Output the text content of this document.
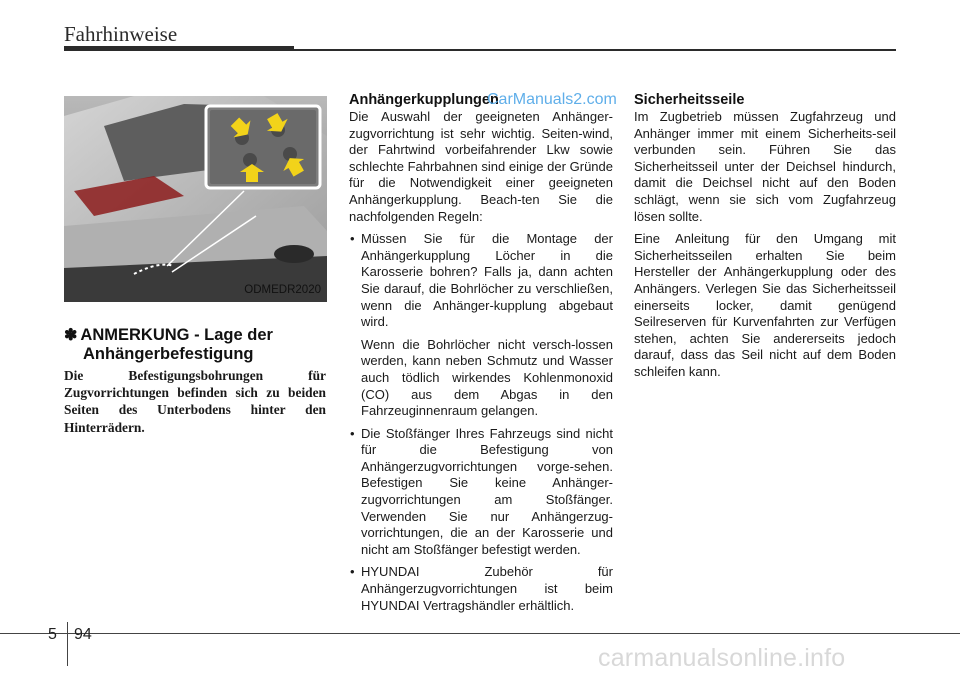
Fahrhinweise
ODMEDR2020
✽ ANMERKUNG - Lage der
Anhängerbefestigung
Die Befestigungsbohrungen für Zugvorrichtungen befinden sich zu beiden Seiten des Unterbodens hinter den Hinterrädern.
Anhängerkupplungen

Die Auswahl der geeigneten Anhänger-zugvorrichtung ist sehr wichtig. Seiten-wind, der Fahrtwind vorbeifahrender Lkw sowie schlechte Fahrbahnen sind einige der Gründe für die Notwendigkeit einer geeigneten Anhängerkupplung. Beach-ten Sie die nachfolgenden Regeln:

• Müssen Sie für die Montage der Anhängerkupplung Löcher in die Karosserie bohren? Falls ja, dann achten Sie darauf, die Bohrlöcher zu verschließen, wenn die Anhänger-kupplung abgebaut wird.
Wenn die Bohrlöcher nicht versch-lossen werden, kann neben Schmutz und Wasser auch tödlich wirkendes Kohlenmonoxid (CO) aus dem Abgas in den Fahrzeuginnenraum gelangen.
• Die Stoßfänger Ihres Fahrzeugs sind nicht für die Befestigung von Anhängerzugvorrichtungen vorge-sehen. Befestigen Sie keine Anhänger-zugvorrichtungen am Stoßfänger. Verwenden Sie nur Anhängerzug-vorrichtungen, die an der Karosserie und nicht am Stoßfänger befestigt werden.
• HYUNDAI Zubehör für Anhängerzugvorrichtungen ist beim HYUNDAI Vertragshändler erhältlich.
CarManuals2.com Sicherheitsseile

Im Zugbetrieb müssen Zugfahrzeug und Anhänger immer mit einem Sicherheits-seil verbunden sein. Führen Sie das Sicherheitsseil unter der Deichsel hindurch, damit die Deichsel nicht auf den Boden schlägt, wenn sie sich vom Zugfahrzeug lösen sollte.

Eine Anleitung für den Umgang mit Sicherheitsseilen erhalten Sie beim Hersteller der Anhängerkupplung oder des Anhängers. Verlegen Sie das Sicherheitsseil einerseits locker, damit genügend Seilreserven für Kurvenfahrten zur Verfügen stehen, achten Sie andererseits jedoch darauf, dass das Seil nicht auf dem Boden schleifen kann.

5 94
carmanualsonline.info
